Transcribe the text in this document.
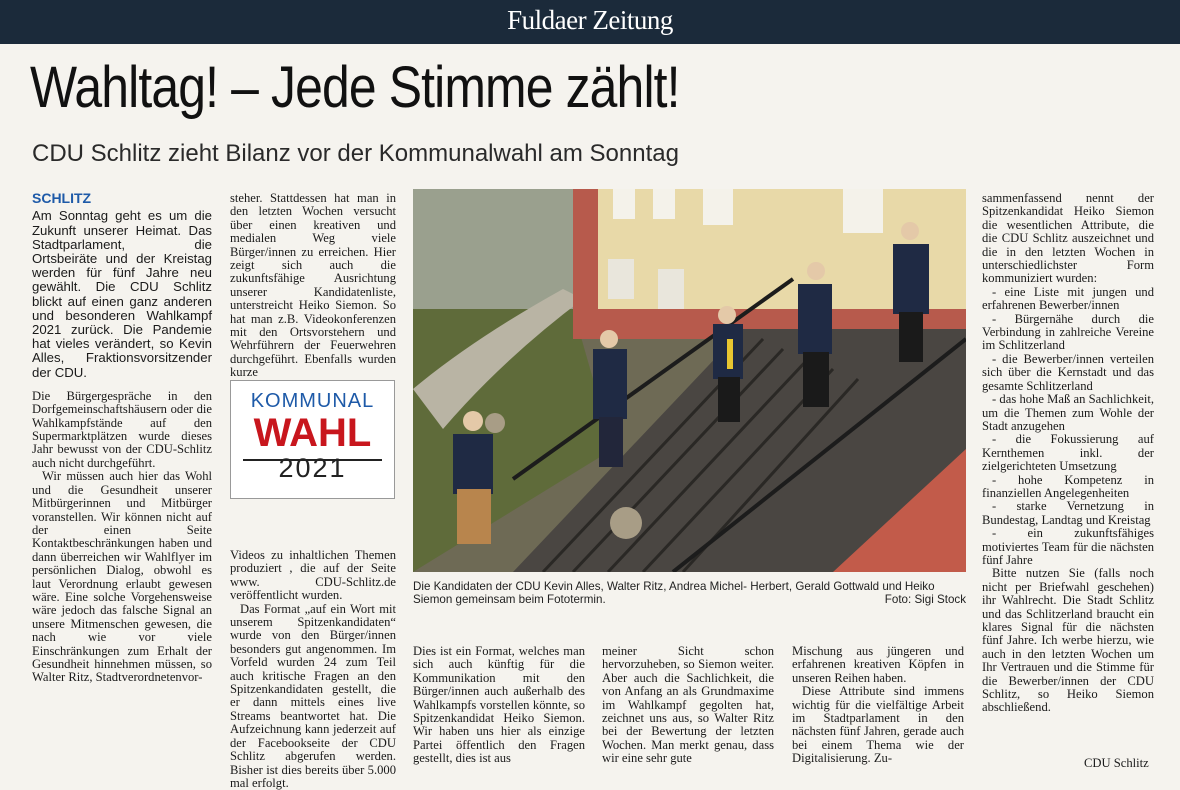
Fuldaer Zeitung
Wahltag! – Jede Stimme zählt!
CDU Schlitz zieht Bilanz vor der Kommunalwahl am Sonntag
SCHLITZ

Am Sonntag geht es um die Zukunft unserer Heimat. Das Stadtparlament, die Ortsbeiräte und der Kreistag werden für fünf Jahre neu gewählt. Die CDU Schlitz blickt auf einen ganz anderen und besonderen Wahlkampf 2021 zurück. Die Pandemie hat vieles verändert, so Kevin Alles, Fraktionsvorsitzender der CDU.

Die Bürgergespräche in den Dorfgemeinschaftshäusern oder die Wahlkampfstände auf den Supermarktplätzen wurde dieses Jahr bewusst von der CDU-Schlitz auch nicht durchgeführt.

Wir müssen auch hier das Wohl und die Gesundheit unserer Mitbürgerinnen und Mitbürger voranstellen. Wir können nicht auf der einen Seite Kontaktbeschränkungen haben und dann überreichen wir Wahlflyer im persönlichen Dialog, obwohl es laut Verordnung erlaubt gewesen wäre. Eine solche Vorgehensweise wäre jedoch das falsche Signal an unsere Mitmenschen gewesen, die nach wie vor viele Einschränkungen zum Erhalt der Gesundheit hinnehmen müssen, so Walter Ritz, Stadtverordnetenvor-

steher. Stattdessen hat man in den letzten Wochen versucht über einen kreativen und medialen Weg viele Bürger/innen zu erreichen. Hier zeigt sich auch die zukunftsfähige Ausrichtung unserer Kandidatenliste, unterstreicht Heiko Siemon. So hat man z.B. Videokonferenzen mit den Ortsvorstehern und Wehrführern der Feuerwehren durchgeführt. Ebenfalls wurden kurze

KOMMUNAL
WAHL
2021

Videos zu inhaltlichen Themen produziert , die auf der Seite www. CDU-Schlitz.de veröffentlicht wurden.

Das Format „auf ein Wort mit unserem Spitzenkandidaten“ wurde von den Bürger/innen besonders gut angenommen. Im Vorfeld wurden 24 zum Teil auch kritische Fragen an den Spitzenkandidaten gestellt, die er dann mittels eines live Streams beantwortet hat. Die Aufzeichnung kann jederzeit auf der Facebookseite der CDU Schlitz abgerufen werden. Bisher ist dies bereits über 5.000 mal erfolgt.

Die Kandidaten der CDU Kevin Alles, Walter Ritz, Andrea Michel- Herbert, Gerald Gottwald und Heiko Siemon gemeinsam beim Fototermin.	Foto: Sigi Stock

Dies ist ein Format, welches man sich auch künftig für die Kommunikation mit den Bürger/innen auch außerhalb des Wahlkampfs vorstellen könnte, so Spitzenkandidat Heiko Siemon. Wir haben uns hier als einzige Partei öffentlich den Fragen gestellt, dies ist aus

meiner Sicht schon hervorzuheben, so Siemon weiter. Aber auch die Sachlichkeit, die von Anfang an als Grundmaxime im Wahlkampf gegolten hat, zeichnet uns aus, so Walter Ritz bei der Bewertung der letzten Wochen. Man merkt genau, dass wir eine sehr gute

Mischung aus jüngeren und erfahrenen kreativen Köpfen in unseren Reihen haben.

Diese Attribute sind immens wichtig für die vielfältige Arbeit im Stadtparlament in den nächsten fünf Jahren, gerade auch bei einem Thema wie der Digitalisierung. Zu-

sammenfassend nennt der Spitzenkandidat Heiko Siemon die wesentlichen Attribute, die die CDU Schlitz auszeichnet und die in den letzten Wochen in unterschiedlichster Form kommuniziert wurden:

- eine Liste mit jungen und erfahrenen Bewerber/innen

- Bürgernähe durch die Verbindung in zahlreiche Vereine im Schlitzerland

- die Bewerber/innen verteilen sich über die Kernstadt und das gesamte Schlitzerland

- das hohe Maß an Sachlichkeit, um die Themen zum Wohle der Stadt anzugehen

- die Fokussierung auf Kernthemen inkl. der zielgerichteten Umsetzung

- hohe Kompetenz in finanziellen Angelegenheiten

- starke Vernetzung in Bundestag, Landtag und Kreistag

- ein zukunftsfähiges motiviertes Team für die nächsten fünf Jahre

Bitte nutzen Sie (falls noch nicht per Briefwahl geschehen) ihr Wahlrecht. Die Stadt Schlitz und das Schlitzerland braucht ein klares Signal für die nächsten fünf Jahre. Ich werbe hierzu, wie auch in den letzten Wochen um Ihr Vertrauen und die Stimme für die Bewerber/innen der CDU Schlitz, so Heiko Siemon abschließend.

CDU Schlitz
